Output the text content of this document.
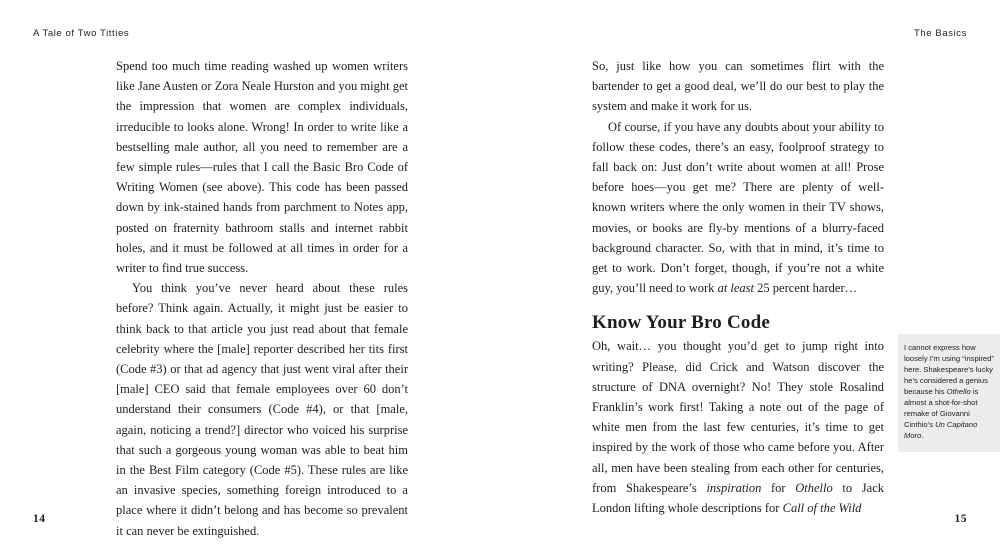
A Tale of Two Titties	The Basics

Spend too much time reading washed up women writers like Jane Austen or Zora Neale Hurston and you might get the impression that women are complex individuals, irreducible to looks alone. Wrong! In order to write like a bestselling male author, all you need to remember are a few simple rules—rules that I call the Basic Bro Code of Writing Women (see above). This code has been passed down by ink-stained hands from parchment to Notes app, posted on fraternity bathroom stalls and internet rabbit holes, and it must be followed at all times in order for a writer to find true success.

You think you’ve never heard about these rules before? Think again. Actually, it might just be easier to think back to that article you just read about that female celebrity where the [male] reporter described her tits first (Code #3) or that ad agency that just went viral after their [male] CEO said that female employees over 60 don’t understand their consumers (Code #4), or that [male, again, noticing a trend?] director who voiced his surprise that such a gorgeous young woman was able to beat him in the Best Film category (Code #5). These rules are like an invasive species, something foreign introduced to a place where it didn’t belong and has become so prevalent it can never be extinguished.

So, just like how you can sometimes flirt with the bartender to get a good deal, we’ll do our best to play the system and make it work for us.

Of course, if you have any doubts about your ability to follow these codes, there’s an easy, foolproof strategy to fall back on: Just don’t write about women at all! Prose before hoes—you get me? There are plenty of well-known writers where the only women in their TV shows, movies, or books are fly-by mentions of a blurry-faced background character. So, with that in mind, it’s time to get to work. Don’t forget, though, if you’re not a white guy, you’ll need to work at least 25 percent harder…

Know Your Bro Code

Oh, wait… you thought you’d get to jump right into writing? Please, did Crick and Watson discover the structure of DNA overnight? No! They stole Rosalind Franklin’s work first! Taking a note out of the page of white men from the last few centuries, it’s time to get inspired by the work of those who came before you. After all, men have been stealing from each other for centuries, from Shakespeare’s inspiration for Othello to Jack London lifting whole descriptions for Call of the Wild

I cannot express how loosely I’m using “inspired” here. Shakespeare’s lucky he’s considered a genius because his Othello is almost a shot-for-shot remake of Giovanni Cinthio’s Un Capitano Moro.
14	15
